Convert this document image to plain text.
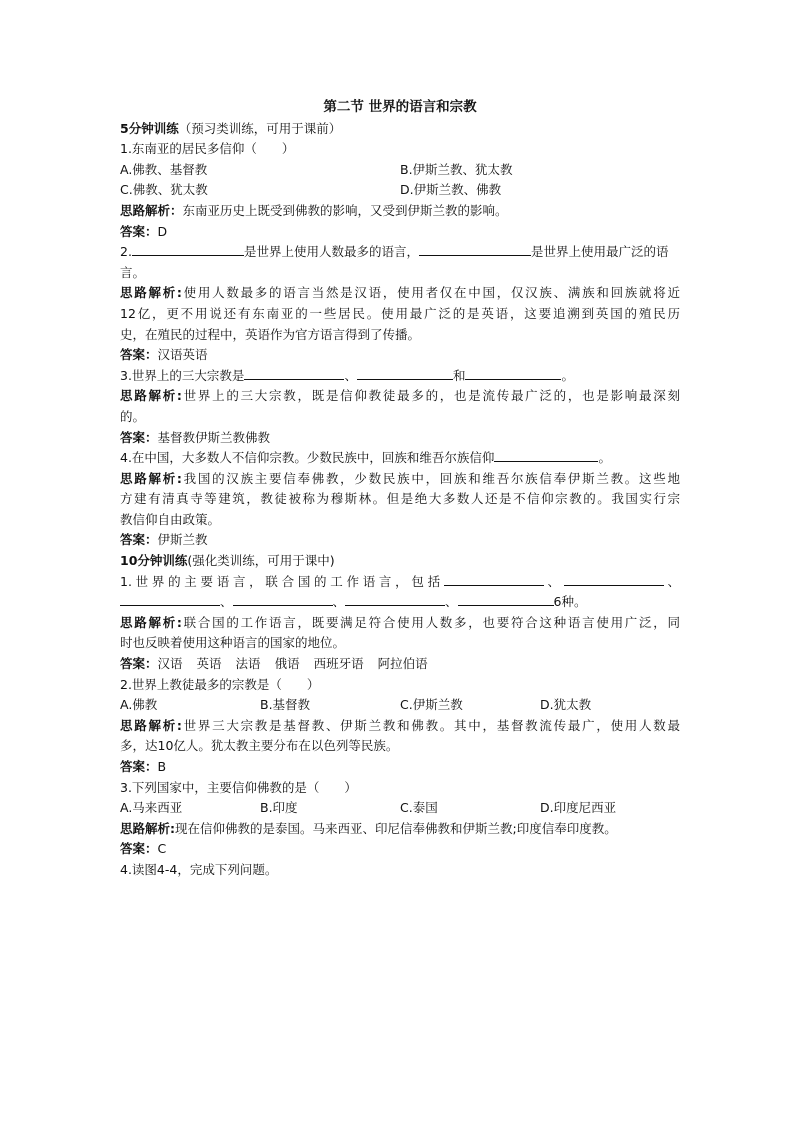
第二节 世界的语言和宗教
5分钟训练（预习类训练，可用于课前）
1.东南亚的居民多信仰（　　）
A.佛教、基督教	B.伊斯兰教、犹太教
C.佛教、犹太教	D.伊斯兰教、佛教
思路解析：东南亚历史上既受到佛教的影响，又受到伊斯兰教的影响。
答案：D
2.	是世界上使用人数最多的语言，	是世界上使用最广泛的语
言。
思路解析:使用人数最多的语言当然是汉语，使用者仅在中国，仅汉族、满族和回族就将近
12亿，更不用说还有东南亚的一些居民。使用最广泛的是英语，这要追溯到英国的殖民历
史，在殖民的过程中，英语作为官方语言得到了传播。
答案：汉语英语
3.世界上的三大宗教是	、	和	。
思路解析:世界上的三大宗教，既是信仰教徒最多的，也是流传最广泛的，也是影响最深刻
的。
答案：基督教伊斯兰教佛教
4.在中国，大多数人不信仰宗教。少数民族中，回族和维吾尔族信仰	。
思路解析:我国的汉族主要信奉佛教，少数民族中，回族和维吾尔族信奉伊斯兰教。这些地
方建有清真寺等建筑，教徒被称为穆斯林。但是绝大多数人还是不信仰宗教的。我国实行宗
教信仰自由政策。
答案：伊斯兰教
10分钟训练(强化类训练，可用于课中)
1.世界的主要语言，联合国的工作语言，包括	、	、
、	、	、	6种。
思路解析:联合国的工作语言，既要满足符合使用人数多，也要符合这种语言使用广泛，同
时也反映着使用这种语言的国家的地位。
答案：汉语 英语 法语 俄语 西班牙语 阿拉伯语
2.世界上教徒最多的宗教是（　　）
A.佛教	B.基督教	C.伊斯兰教	D.犹太教
思路解析:世界三大宗教是基督教、伊斯兰教和佛教。其中，基督教流传最广，使用人数最
多，达10亿人。犹太教主要分布在以色列等民族。
答案：B
3.下列国家中，主要信仰佛教的是（　　）
A.马来西亚	B.印度	C.泰国	D.印度尼西亚
思路解析:现在信仰佛教的是泰国。马来西亚、印尼信奉佛教和伊斯兰教;印度信奉印度教。
答案：C
4.读图4-4，完成下列问题。
